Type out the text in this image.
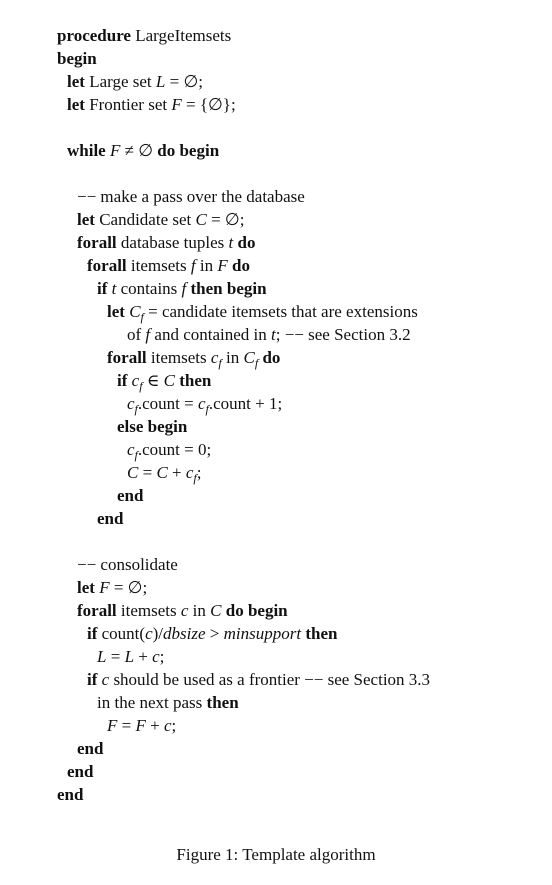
procedure LargeItemsets
begin
let Large set L = ∅;
let Frontier set F = {∅};
while F ≠ ∅ do begin
−− make a pass over the database
let Candidate set C = ∅;
forall database tuples t do
forall itemsets f in F do
if t contains f then begin
let $C_f$ = candidate itemsets that are extensions
of f and contained in t; −− see Section 3.2
forall itemsets $c_f$ in $C_f$ do
if $c_f$ ∈ C then
$c_f.count$ = $c_f.count + 1$;
else begin
$c_f.count = 0$;
$C = C + c_f$;
end
end
−− consolidate
let F = ∅;
forall itemsets c in C do begin
if count(c)/dbsize > minsupport then
L = L + c;
if c should be used as a frontier −− see Section 3.3
in the next pass then
F = F + c;
end
end
end
Figure 1: Template algorithm
